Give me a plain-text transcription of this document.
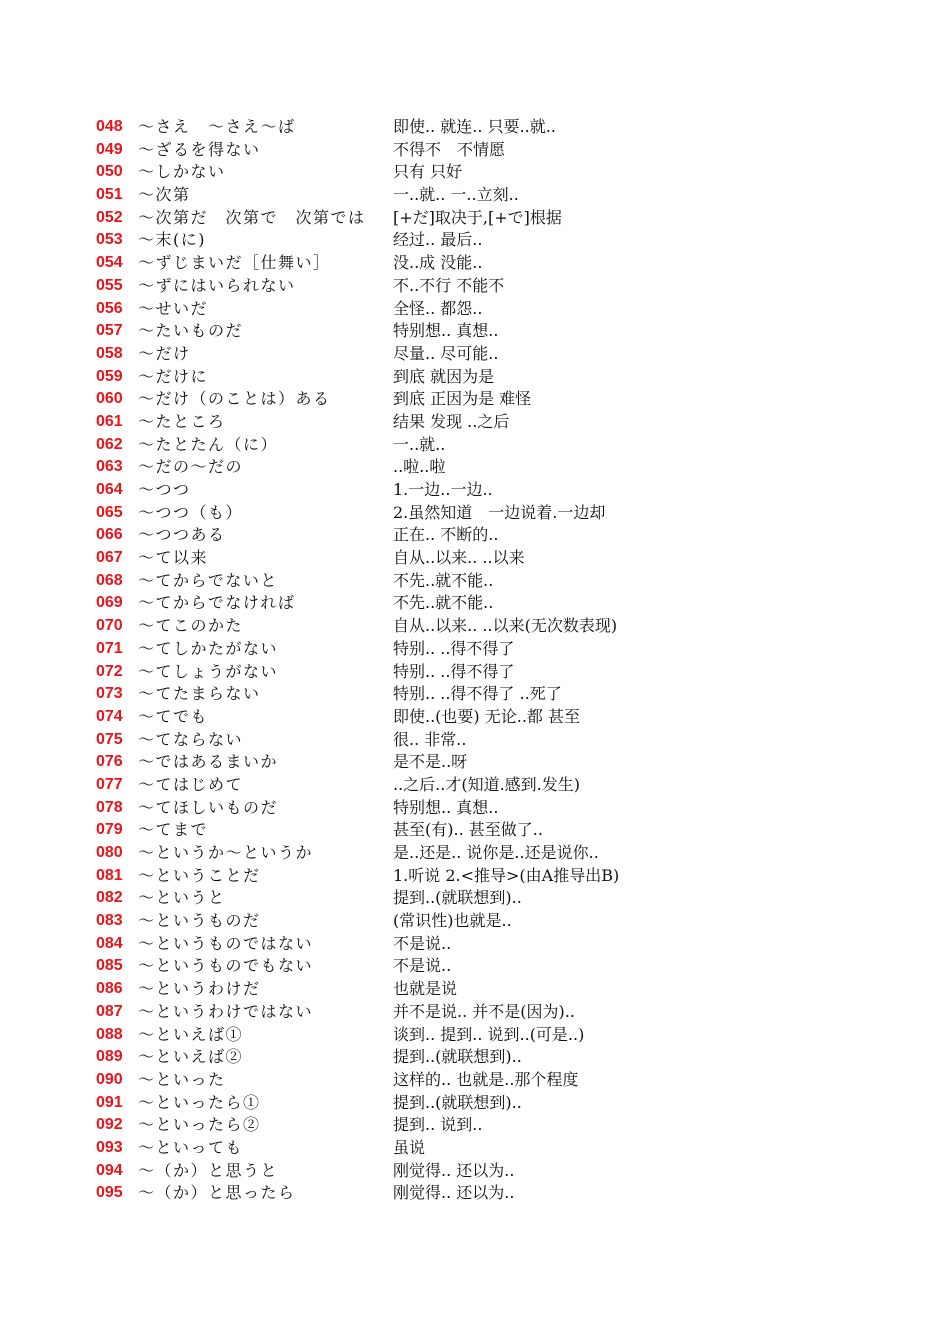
048 ～さえ　～さえ～ば	即使.. 就连.. 只要..就..
049 ～ざるを得ない	不得不　不情愿
050 ～しかない	只有 只好
051 ～次第	一..就.. 一..立刻..
052 ～次第だ　次第で　次第では	[+だ]取决于,[+で]根据
053 ～末(に)	经过.. 最后..
054 ～ずじまいだ［仕舞い］	没..成 没能..
055 ～ずにはいられない	不..不行 不能不
056 ～せいだ	全怪.. 都怨..
057 ～たいものだ	特别想.. 真想..
058 ～だけ	尽量.. 尽可能..
059 ～だけに	到底 就因为是
060 ～だけ（のことは）ある	到底 正因为是 难怪
061 ～たところ	结果 发现 ..之后
062 ～たとたん（に）	一..就..
063 ～だの～だの	..啦..啦
064 ～つつ	1.一边..一边..
065 ～つつ（も）	2.虽然知道　一边说着.一边却
066 ～つつある	正在.. 不断的..
067 ～て以来	自从..以来.. ..以来
068 ～てからでないと	不先..就不能..
069 ～てからでなければ	不先..就不能..
070 ～てこのかた	自从..以来.. ..以来(无次数表现)
071 ～てしかたがない	特别.. ..得不得了
072 ～てしょうがない	特别.. ..得不得了
073 ～てたまらない	特别.. ..得不得了 ..死了
074 ～てでも	即使..(也要) 无论..都 甚至
075 ～てならない	很.. 非常..
076 ～ではあるまいか	是不是..呀
077 ～てはじめて	..之后..才(知道.感到.发生)
078 ～てほしいものだ	特别想.. 真想..
079 ～てまで	甚至(有).. 甚至做了..
080 ～というか～というか	是..还是.. 说你是..还是说你..
081 ～ということだ	1.听说 2.<推导>(由A推导出B)
082 ～というと	提到..(就联想到)..
083 ～というものだ	(常识性)也就是..
084 ～というものではない	不是说..
085 ～というものでもない	不是说..
086 ～というわけだ	也就是说
087 ～というわけではない	并不是说.. 并不是(因为)..
088 ～といえば①	谈到.. 提到.. 说到..(可是..)
089 ～といえば②	提到..(就联想到)..
090 ～といった	这样的.. 也就是..那个程度
091 ～といったら①	提到..(就联想到)..
092 ～といったら②	提到.. 说到..
093 ～といっても	虽说
094 ～（か）と思うと	刚觉得.. 还以为..
095 ～（か）と思ったら	刚觉得.. 还以为..
